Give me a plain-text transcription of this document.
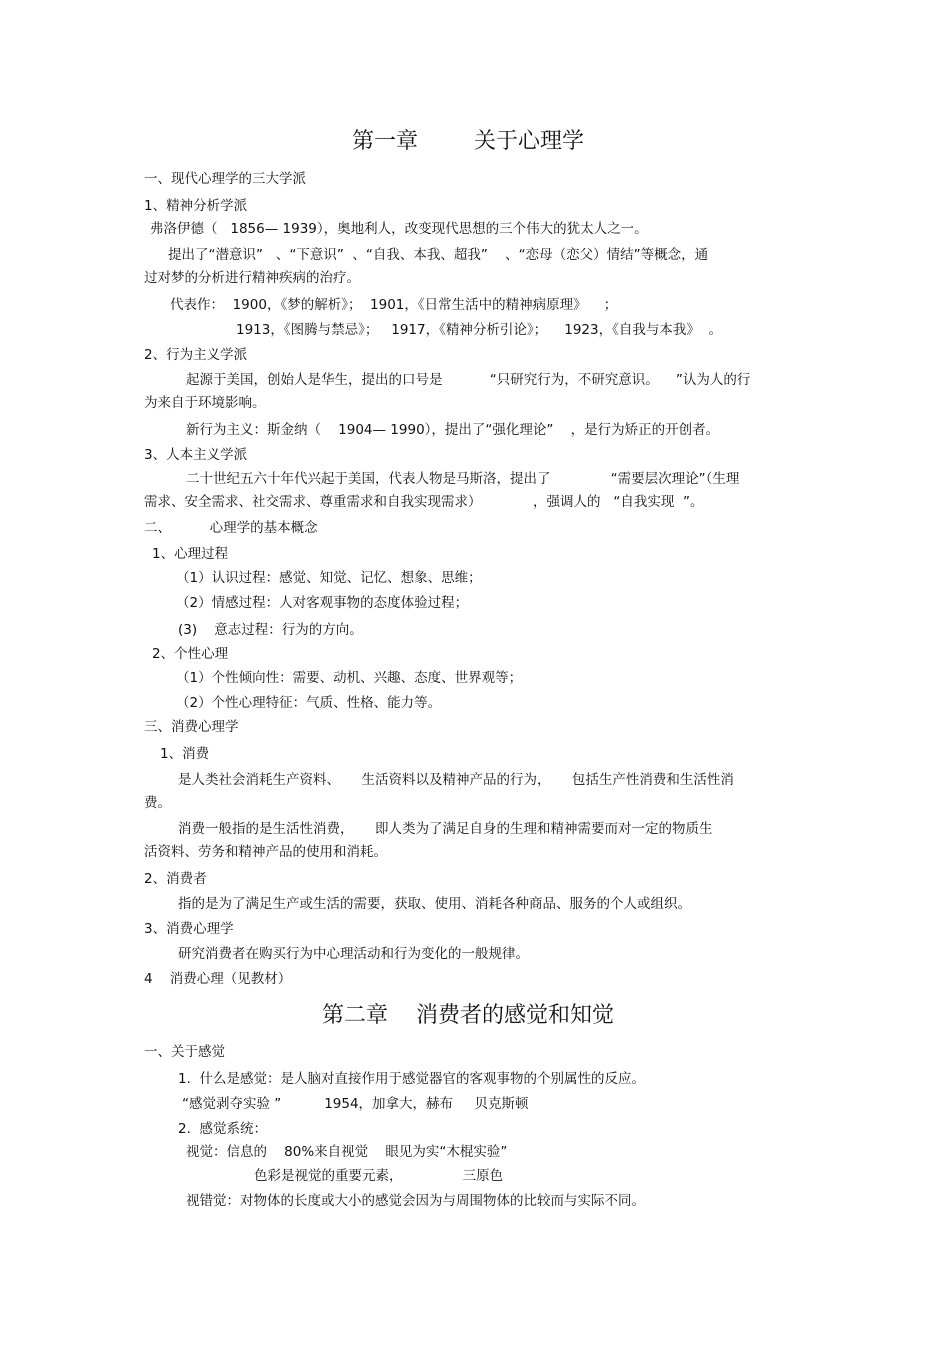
第一章        关于心理学
一、现代心理学的三大学派
1、精神分析学派
弗洛伊德（   1856— 1939），奥地利人，改变现代思想的三个伟大的犹太人之一。
提出了“潜意识”   、“下意识”  、“自我、本我、超我”    、“恋母（恋父）情结”等概念，通
过对梦的分析进行精神疾病的治疗。
代表作：  1900，《梦的解析》；  1901，《日常生活中的精神病原理》    ；
1913，《图腾与禁忌》；   1917，《精神分析引论》；    1923，《自我与本我》  。
2、行为主义学派
起源于美国，创始人是华生，提出的口号是           “只研究行为，不研究意识。    ”认为人的行
为来自于环境影响。
新行为主义：斯金纳（    1904— 1990），提出了“强化理论”    ，是行为矫正的开创者。
3、人本主义学派
二十世纪五六十年代兴起于美国，代表人物是马斯洛，提出了              “需要层次理论”（生理
需求、安全需求、社交需求、尊重需求和自我实现需求）            ，强调人的   “自我实现  ”。
二、         心理学的基本概念
1、心理过程
（1）认识过程：感觉、知觉、记忆、想象、思维；
（2）情感过程：人对客观事物的态度体验过程；
(3)    意志过程：行为的方向。
2、个性心理
（1）个性倾向性：需要、动机、兴趣、态度、世界观等；
（2）个性心理特征：气质、性格、能力等。
三、消费心理学
1、消费
是人类社会消耗生产资料、     生活资料以及精神产品的行为，     包括生产性消费和生活性消
费。
消费一般指的是生活性消费，     即人类为了满足自身的生理和精神需要而对一定的物质生
活资料、劳务和精神产品的使用和消耗。
2、消费者
指的是为了满足生产或生活的需要，获取、使用、消耗各种商品、服务的个人或组织。
3、消费心理学
研究消费者在购买行为中心理活动和行为变化的一般规律。
4    消费心理（见教材）
第二章    消费者的感觉和知觉
一、关于感觉
1.  什么是感觉：是人脑对直接作用于感觉器官的客观事物的个别属性的反应。
“感觉剥夺实验 ”          1954，加拿大，赫布     贝克斯顿
2.  感觉系统：
视觉：信息的    80%来自视觉    眼见为实“木棍实验”
色彩是视觉的重要元素，              三原色
视错觉：对物体的长度或大小的感觉会因为与周围物体的比较而与实际不同。
